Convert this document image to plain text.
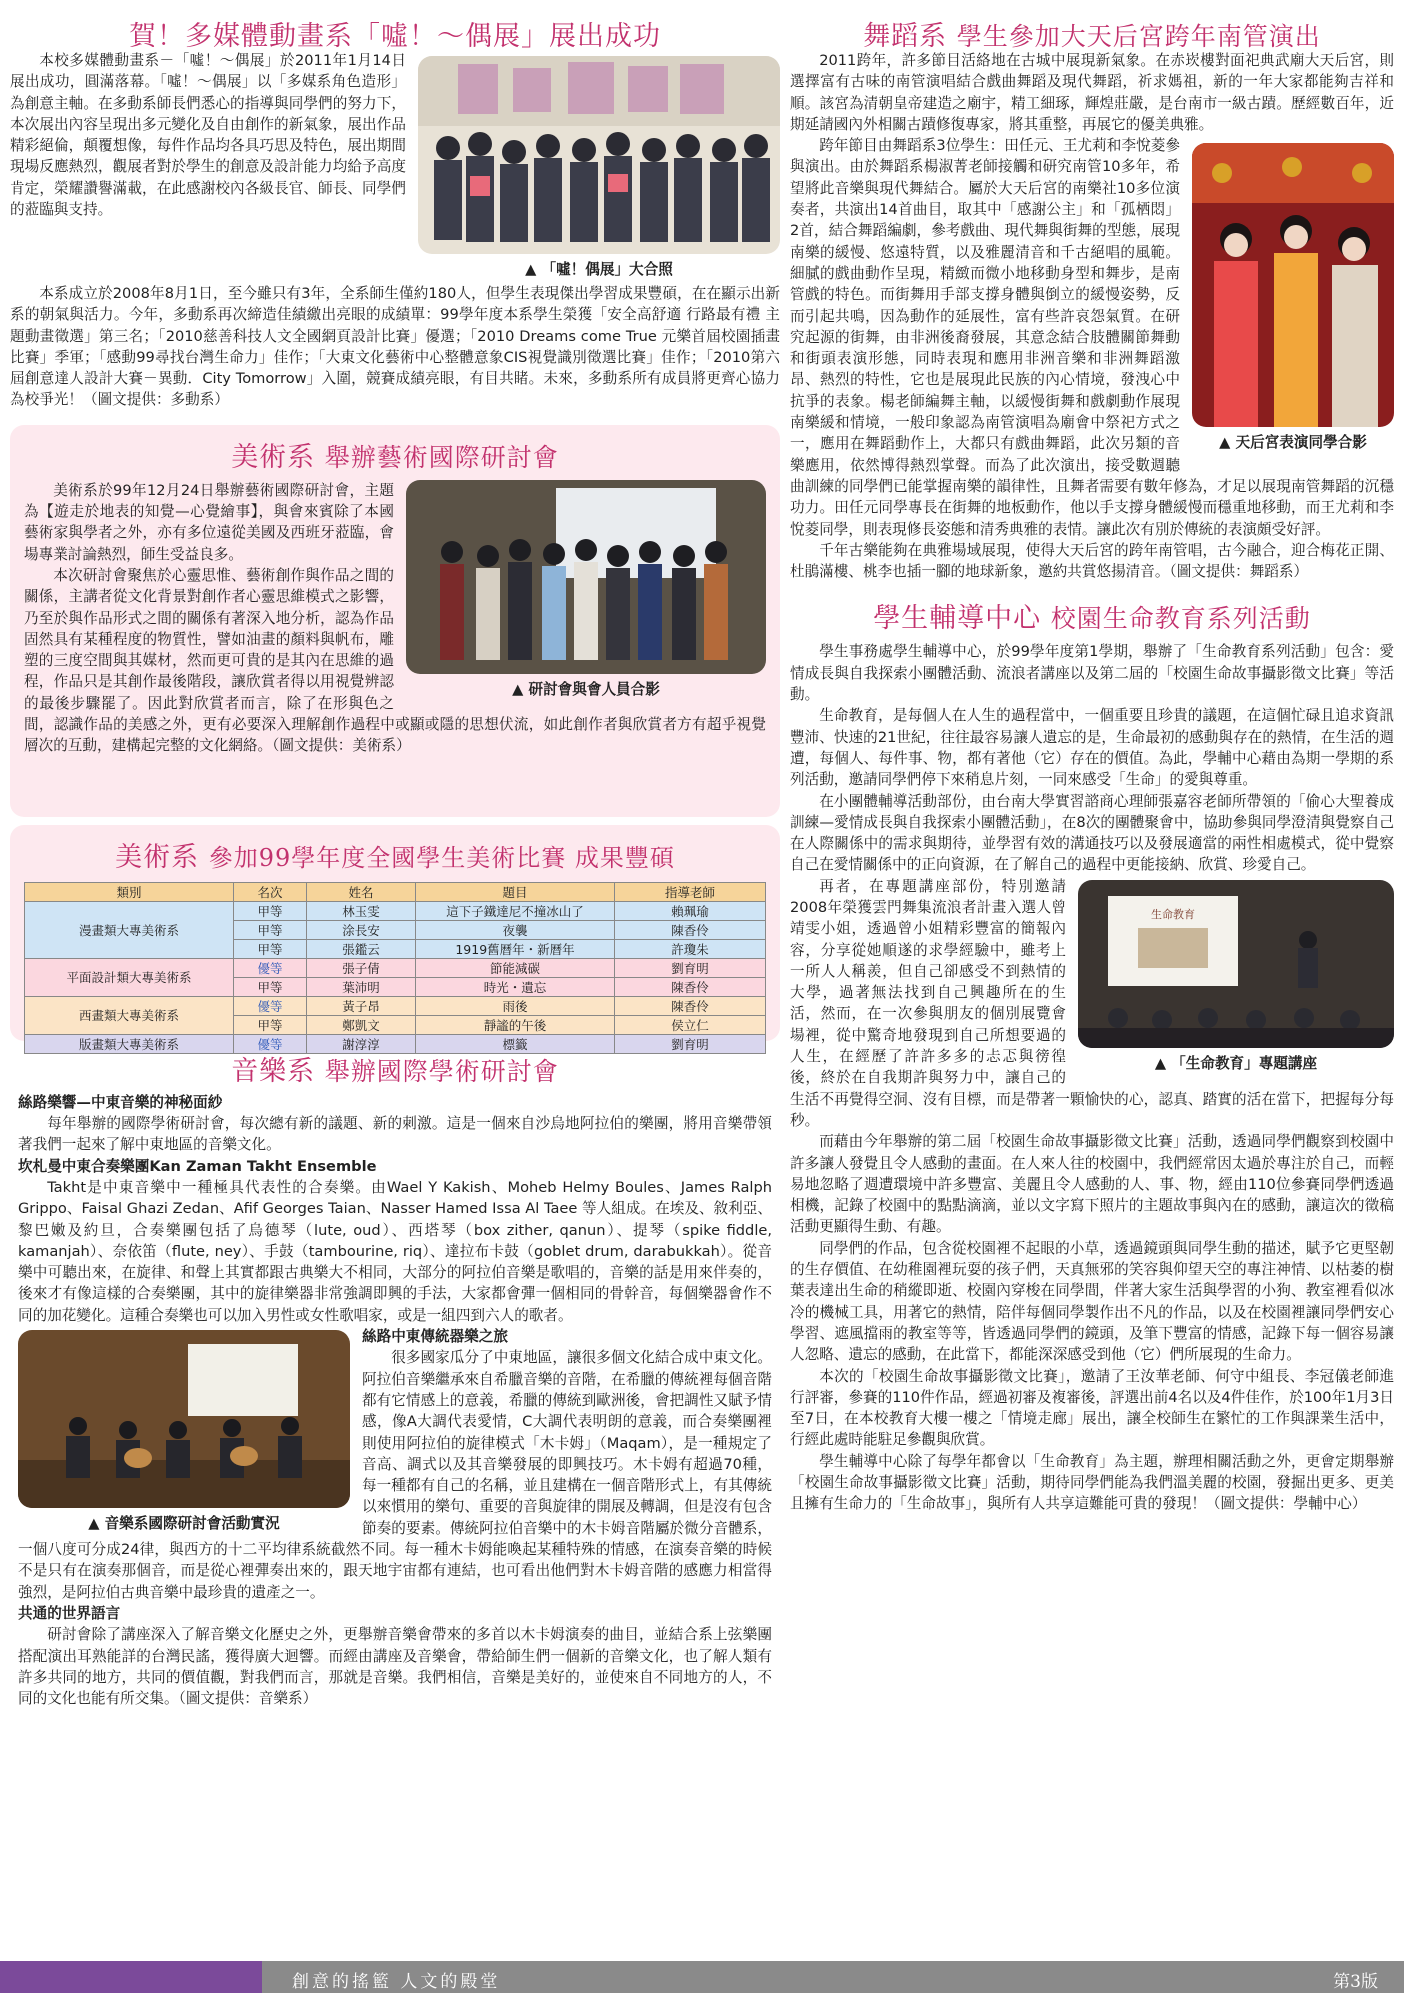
賀！多媒體動畫系「噓！～偶展」展出成功
▲ 「噓！偶展」大合照

本校多媒體動畫系－「噓！～偶展」於2011年1月14日展出成功，圓滿落幕。「噓！～偶展」以「多媒系角色造形」為創意主軸。在多動系師長們悉心的指導與同學們的努力下，本次展出內容呈現出多元變化及自由創作的新氣象，展出作品精彩絕倫，顛覆想像，每件作品均各具巧思及特色，展出期間現場反應熱烈，觀展者對於學生的創意及設計能力均給予高度肯定，榮耀讚譽滿載，在此感謝校內各級長官、師長、同學們的蒞臨與支持。

本系成立於2008年8月1日，至今雖只有3年，全系師生僅約180人，但學生表現傑出學習成果豐碩，在在顯示出新系的朝氣與活力。今年，多動系再次締造佳績繳出亮眼的成績單：99學年度本系學生榮獲「安全高舒適 行路最有禮 主題動畫徵選」第三名；「2010慈善科技人文全國網頁設計比賽」優選；「2010 Dreams come True 元樂首屆校園插畫比賽」季軍；「感動99尋找台灣生命力」佳作；「大東文化藝術中心整體意象CIS視覺識別徵選比賽」佳作；「2010第六屆創意達人設計大賽－異動．City Tomorrow」入圍，競賽成績亮眼，有目共睹。未來，多動系所有成員將更齊心協力為校爭光！（圖文提供：多動系）

美術系 舉辦藝術國際研討會
▲ 研討會與會人員合影

美術系於99年12月24日舉辦藝術國際研討會，主題為【遊走於地表的知覺—心覺繪事】，與會來賓除了本國藝術家與學者之外，亦有多位遠從美國及西班牙蒞臨，會場專業討論熱烈，師生受益良多。

本次研討會聚焦於心靈思惟、藝術創作與作品之間的關係，主講者從文化背景對創作者心靈思維模式之影響，乃至於與作品形式之間的關係有著深入地分析，認為作品固然具有某種程度的物質性，譬如油畫的顏料與帆布，雕塑的三度空間與其媒材，然而更可貴的是其內在思維的過程，作品只是其創作最後階段，讓欣賞者得以用視覺辨認的最後步驟罷了。因此對欣賞者而言，除了在形與色之間，認識作品的美感之外，更有必要深入理解創作過程中或顯或隱的思想伏流，如此創作者與欣賞者方有超乎視覺層次的互動，建構起完整的文化網絡。（圖文提供：美術系）

美術系 參加99學年度全國學生美術比賽 成果豐碩
類別	名次	姓名	題目	指導老師
漫畫類大專美術系	甲等	林玉雯	這下子鐵達尼不撞冰山了	賴珮瑜
	甲等	涂長安	夜襲	陳香伶
	甲等	張鑑云	1919舊曆年・新曆年	許瓊朱
平面設計類大專美術系	優等	張子倩	節能減碳	劉育明
	甲等	葉沛明	時光・遺忘	陳香伶
西畫類大專美術系	優等	黃子昂	雨後	陳香伶
	甲等	鄭凱文	靜謐的午後	侯立仁
版畫類大專美術系	優等	謝淳淳	標籤	劉育明
音樂系 舉辦國際學術研討會
絲路樂響—中東音樂的神秘面紗

每年舉辦的國際學術研討會，每次總有新的議題、新的刺激。這是一個來自沙烏地阿拉伯的樂團，將用音樂帶領著我們一起來了解中東地區的音樂文化。

坎札曼中東合奏樂團Kan Zaman Takht Ensemble

Takht是中東音樂中一種極具代表性的合奏樂。由Wael Y Kakish、Moheb Helmy Boules、James Ralph Grippo、Faisal Ghazi Zedan、Afif Georges Taian、Nasser Hamed Issa Al Taee 等人組成。在埃及、敘利亞、黎巴嫩及約旦，合奏樂團包括了烏德琴（lute, oud）、西塔琴（box zither, qanun）、提琴（spike fiddle, kamanjah）、奈依笛（flute, ney）、手鼓（tambourine, riq）、達拉布卡鼓（goblet drum, darabukkah）。從音樂中可聽出來，在旋律、和聲上其實都跟古典樂大不相同，大部分的阿拉伯音樂是歌唱的，音樂的話是用來伴奏的，後來才有像這樣的合奏樂團，其中的旋律樂器非常強調即興的手法，大家都會彈一個相同的骨幹音，每個樂器會作不同的加花變化。這種合奏樂也可以加入男性或女性歌唱家，或是一組四到六人的歌者。

▲ 音樂系國際研討會活動實況
絲路中東傳統器樂之旅

很多國家瓜分了中東地區，讓很多個文化結合成中東文化。阿拉伯音樂繼承來自希臘音樂的音階，在希臘的傳統裡每個音階都有它情感上的意義，希臘的傳統到歐洲後，會把調性又賦予情感，像A大調代表愛情，C大調代表明朗的意義，而合奏樂團裡則使用阿拉伯的旋律模式「木卡姆」（Maqam），是一種規定了音高、調式以及其音樂發展的即興技巧。木卡姆有超過70種，每一種都有自己的名稱，並且建構在一個音階形式上，有其傳統以來慣用的樂句、重要的音與旋律的開展及轉調，但是沒有包含節奏的要素。傳統阿拉伯音樂中的木卡姆音階屬於微分音體系，一個八度可分成24律，與西方的十二平均律系統截然不同。每一種木卡姆能喚起某種特殊的情感，在演奏音樂的時候不是只有在演奏那個音，而是從心裡彈奏出來的，跟天地宇宙都有連結，也可看出他們對木卡姆音階的感應力相當得強烈，是阿拉伯古典音樂中最珍貴的遺產之一。

共通的世界語言

研討會除了講座深入了解音樂文化歷史之外，更舉辦音樂會帶來的多首以木卡姆演奏的曲目，並結合系上弦樂團搭配演出耳熟能詳的台灣民謠，獲得廣大迴響。而經由講座及音樂會，帶給師生們一個新的音樂文化，也了解人類有許多共同的地方，共同的價值觀，對我們而言，那就是音樂。我們相信，音樂是美好的，並使來自不同地方的人，不同的文化也能有所交集。（圖文提供：音樂系）

舞蹈系 學生參加大天后宮跨年南管演出

2011跨年，許多節目活絡地在古城中展現新氣象。在赤崁樓對面祀典武廟大天后宮，則選擇富有古味的南管演唱結合戲曲舞蹈及現代舞蹈，祈求媽祖，新的一年大家都能夠吉祥和順。該宮為清朝皇帝建造之廟宇，精工細琢，輝煌莊嚴，是台南市一級古蹟。歷經數百年，近期延請國內外相關古蹟修復專家，將其重整，再展它的優美典雅。

▲ 天后宮表演同學合影

跨年節目由舞蹈系3位學生：田任元、王尤莉和李悅菱參與演出。由於舞蹈系楊淑菁老師接觸和研究南管10多年，希望將此音樂與現代舞結合。屬於大天后宮的南樂社10多位演奏者，共演出14首曲目，取其中「感謝公主」和「孤栖悶」2首，結合舞蹈編劇，參考戲曲、現代舞與街舞的型態，展現南樂的緩慢、悠遠特質，以及雅麗清音和千古絕唱的風範。細膩的戲曲動作呈現，精緻而微小地移動身型和舞步，是南管戲的特色。而街舞用手部支撐身體與倒立的緩慢姿勢，反而引起共鳴，因為動作的延展性，富有些許哀怨氣質。在研究起源的街舞，由非洲後裔發展，其意念結合肢體關節舞動和街頭表演形態，同時表現和應用非洲音樂和非洲舞蹈激昂、熱烈的特性，它也是展現此民族的內心情境，發洩心中抗爭的表象。楊老師編舞主軸，以緩慢街舞和戲劇動作展現南樂緩和情境，一般印象認為南管演唱為廟會中祭祀方式之一，應用在舞蹈動作上，大都只有戲曲舞蹈，此次另類的音樂應用，依然博得熱烈掌聲。而為了此次演出，接受數週聽曲訓練的同學們已能掌握南樂的韻律性，且舞者需要有數年修為，才足以展現南管舞蹈的沉穩功力。田任元同學專長在街舞的地板動作，他以手支撐身體緩慢而穩重地移動，而王尤莉和李悅菱同學，則表現修長姿態和清秀典雅的表情。讓此次有別於傳統的表演頗受好評。

千年古樂能夠在典雅場域展現，使得大天后宮的跨年南管唱，古今融合，迎合梅花正開、杜鵑滿樓、桃李也插一腳的地球新象，邀約共賞悠揚清音。（圖文提供：舞蹈系）

學生輔導中心 校園生命教育系列活動

學生事務處學生輔導中心，於99學年度第1學期，舉辦了「生命教育系列活動」包含：愛情成長與自我探索小團體活動、流浪者講座以及第二屆的「校園生命故事攝影徵文比賽」等活動。

生命教育，是每個人在人生的過程當中，一個重要且珍貴的議題，在這個忙碌且追求資訊豐沛、快速的21世紀，往往最容易讓人遺忘的是，生命最初的感動與存在的熱情，在生活的週遭，每個人、每件事、物，都有著他（它）存在的價值。為此，學輔中心藉由為期一學期的系列活動，邀請同學們停下來稍息片刻，一同來感受「生命」的愛與尊重。

在小團體輔導活動部份，由台南大學實習諮商心理師張嘉容老師所帶領的「偷心大聖養成訓練—愛情成長與自我探索小團體活動」，在8次的團體聚會中，協助參與同學澄清與覺察自己在人際關係中的需求與期待，並學習有效的溝通技巧以及發展適當的兩性相處模式，從中覺察自己在愛情關係中的正向資源，在了解自己的過程中更能接納、欣賞、珍愛自己。

生命教育
▲ 「生命教育」專題講座

再者，在專題講座部份，特別邀請2008年榮獲雲門舞集流浪者計畫入選人曾靖雯小姐，透過曾小姐精彩豐富的簡報內容，分享從她順遂的求學經驗中，雖考上一所人人稱羨，但自己卻感受不到熱情的大學，過著無法找到自己興趣所在的生活，然而，在一次參與朋友的個別展覽會場裡，從中驚奇地發現到自己所想要過的人生，在經歷了許許多多的忐忑與徬徨後，終於在自我期許與努力中，讓自己的生活不再覺得空洞、沒有目標，而是帶著一顆愉快的心，認真、踏實的活在當下，把握每分每秒。

而藉由今年舉辦的第二屆「校園生命故事攝影徵文比賽」活動，透過同學們觀察到校園中許多讓人發覺且令人感動的畫面。在人來人往的校園中，我們經常因太過於專注於自己，而輕易地忽略了週遭環境中許多豐富、美麗且令人感動的人、事、物，經由110位參賽同學們透過相機，記錄了校園中的點點滴滴，並以文字寫下照片的主題故事與內在的感動，讓這次的徵稿活動更顯得生動、有趣。

同學們的作品，包含從校園裡不起眼的小草，透過鏡頭與同學生動的描述，賦予它更堅韌的生存價值、在幼稚園裡玩耍的孩子們，天真無邪的笑容與仰望天空的專注神情、以枯萎的樹葉表達出生命的稍縱即逝、校園內穿梭在同學間，伴著大家生活與學習的小狗、教室裡看似冰冷的機械工具，用著它的熱情，陪伴每個同學製作出不凡的作品，以及在校園裡讓同學們安心學習、遮風擋雨的教室等等，皆透過同學們的鏡頭，及筆下豐富的情感，記錄下每一個容易讓人忽略、遺忘的感動，在此當下，都能深深感受到他（它）們所展現的生命力。

本次的「校園生命故事攝影徵文比賽」，邀請了王汝華老師、何守中組長、李冠儀老師進行評審，參賽的110件作品，經過初審及複審後，評選出前4名以及4件佳作，於100年1月3日至7日，在本校教育大樓一樓之「情境走廊」展出，讓全校師生在繁忙的工作與課業生活中，行經此處時能駐足參觀與欣賞。

學生輔導中心除了每學年都會以「生命教育」為主題，辦理相關活動之外，更會定期舉辦「校園生命故事攝影徵文比賽」活動，期待同學們能為我們溫美麗的校園，發掘出更多、更美且擁有生命力的「生命故事」，與所有人共享這難能可貴的發現！（圖文提供：學輔中心）

創意的搖籃 人文的殿堂	第3版
